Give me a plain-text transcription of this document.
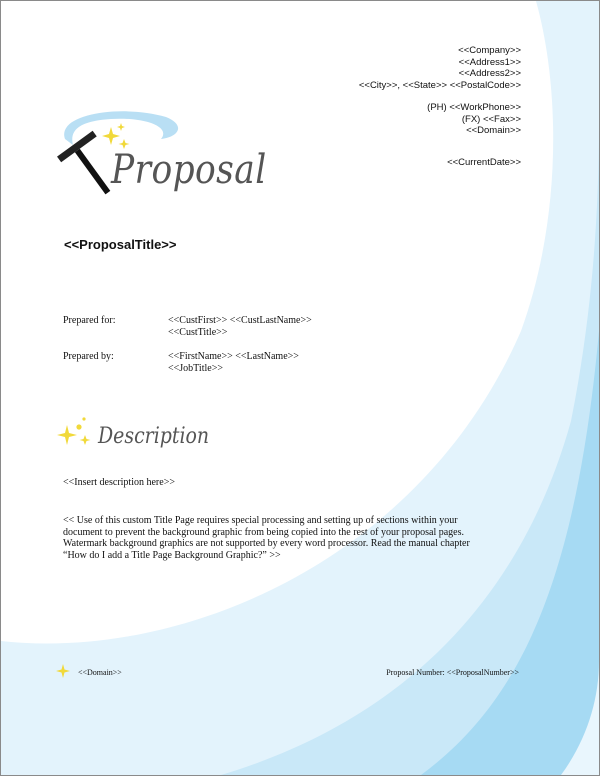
<<Company>>
<<Address1>>
<<Address2>>
<<City>>, <<State>> <<PostalCode>>
(PH) <<WorkPhone>>
(FX) <<Fax>>
<<Domain>>
<<CurrentDate>>
Proposal
<<ProposalTitle>>
Prepared for:	<<CustFirst>> <<CustLastName>>
<<CustTitle>>
Prepared by:	<<FirstName>> <<LastName>>
<<JobTitle>>
Description
<<Insert description here>>
<< Use of this custom Title Page requires special processing and setting up of sections within your document to prevent the background graphic from being copied into the rest of your proposal pages. Watermark background graphics are not supported by every word processor. Read the manual chapter “How do I add a Title Page Background Graphic?” >>
<<Domain>>	Proposal Number: <<ProposalNumber>>
